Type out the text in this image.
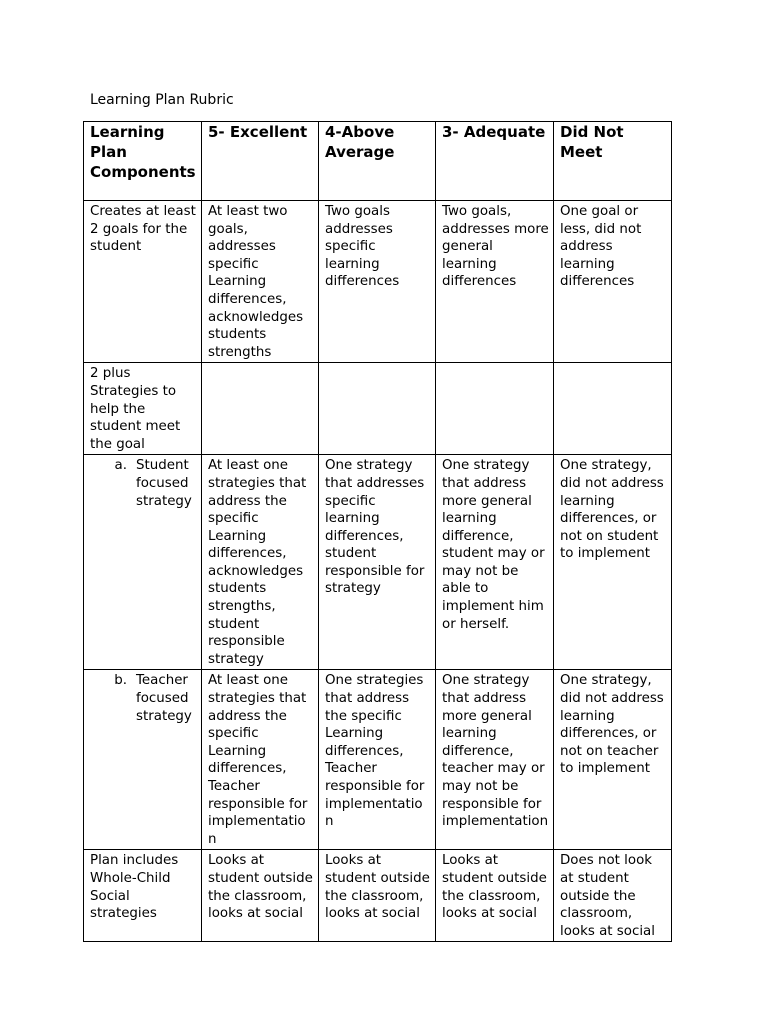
Learning Plan Rubric
Learning Plan Components	5- Excellent	4-Above Average	3- Adequate	Did Not Meet
Creates at least 2 goals for the student	At least two goals, addresses specific Learning differences, acknowledges students strengths	Two goals addresses specific learning differences	Two goals, addresses more general learning differences	One goal or less, did not address learning differences
2 plus Strategies to help the student meet the goal				

a. Student focused strategy	At least one strategies that address the specific Learning differences, acknowledges students strengths, student responsible strategy	One strategy that addresses specific learning differences, student responsible for strategy	One strategy that address more general learning difference, student may or may not be able to implement him or herself.	One strategy, did not address learning differences, or not on student to implement

b. Teacher focused strategy	At least one strategies that address the specific Learning differences, Teacher responsible for implementation	One strategies that address the specific Learning differences, Teacher responsible for implementation	One strategy that address more general learning difference, teacher may or may not be responsible for implementation	One strategy, did not address learning differences, or not on teacher to implement
Plan includes Whole-Child Social strategies	Looks at student outside the classroom, looks at social	Looks at student outside the classroom, looks at social	Looks at student outside the classroom, looks at social	Does not look at student outside the classroom, looks at social
